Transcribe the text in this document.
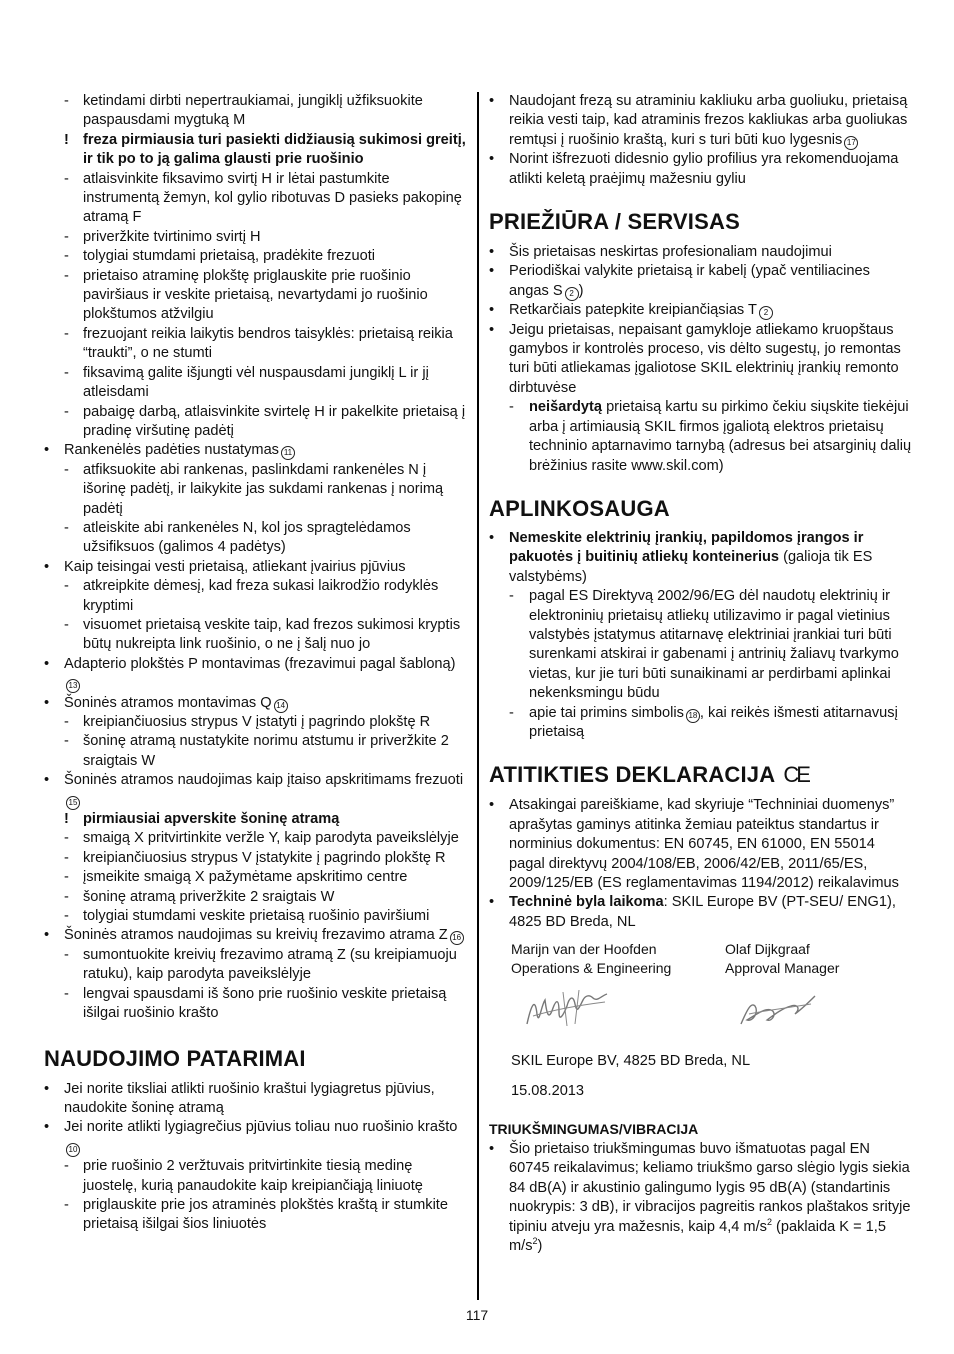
- ketindami dirbti nepertraukiamai, jungiklį užfiksuokite paspausdami mygtuką M
! freza pirmiausia turi pasiekti didžiausią sukimosi greitį, ir tik po to ją galima glausti prie ruošinio
- atlaisvinkite fiksavimo svirtį H ir lėtai pastumkite instrumentą žemyn, kol gylio ribotuvas D pasieks pakopinę atramą F
- priveržkite tvirtinimo svirtį H
- tolygiai stumdami prietaisą, pradėkite frezuoti
- prietaiso atraminę plokštę priglauskite prie ruošinio paviršiaus ir veskite prietaisą, nevartydami jo ruošinio plokštumos atžvilgiu
- frezuojant reikia laikytis bendros taisyklės: prietaisą reikia “traukti”, o ne stumti
- fiksavimą galite išjungti vėl nuspausdami jungiklį L ir jį atleisdami
- pabaigę darbą, atlaisvinkite svirtelę H ir pakelkite prietaisą į pradinę viršutinę padėtį
• Rankenėlės padėties nustatymas 11
- atfiksuokite abi rankenas, paslinkdami rankenėles N į išorinę padėtį, ir laikykite jas sukdami rankenas į norimą padėtį
- atleiskite abi rankenėles N, kol jos spragtelėdamos užsifiksuos (galimos 4 padėtys)
• Kaip teisingai vesti prietaisą, atliekant įvairius pjūvius
- atkreipkite dėmesį, kad freza sukasi laikrodžio rodyklės kryptimi
- visuomet prietaisą veskite taip, kad frezos sukimosi kryptis būtų nukreipta link ruošinio, o ne į šalį nuo jo
• Adapterio plokštės P montavimas (frezavimui pagal šabloną)13
• Šoninės atramos montavimas Q 14
- kreipiančiuosius strypus V įstatyti į pagrindo plokštę R
- šoninę atramą nustatykite norimu atstumu ir priveržkite 2 sraigtais W
• Šoninės atramos naudojimas kaip įtaiso apskritimams frezuoti15
! pirmiausiai apverskite šoninę atramą
- smaigą X pritvirtinkite veržle Y, kaip parodyta paveikslėlyje
- kreipiančiuosius strypus V įstatykite į pagrindo plokštę R
- įsmeikite smaigą X pažymėtame apskritimo centre
- šoninę atramą priveržkite 2 sraigtais W
- tolygiai stumdami veskite prietaisą ruošinio paviršiumi
• Šoninės atramos naudojimas su kreivių frezavimo atrama Z 16
- sumontuokite kreivių frezavimo atramą Z (su kreipiamuoju ratuku), kaip parodyta paveikslėlyje
- lengvai spausdami iš šono prie ruošinio veskite prietaisą išilgai ruošinio krašto
NAUDOJIMO PATARIMAI
• Jei norite tiksliai atlikti ruošinio kraštui lygiagretus pjūvius, naudokite šoninę atramą
• Jei norite atlikti lygiagrečius pjūvius toliau nuo ruošinio krašto10
- prie ruošinio 2 veržtuvais pritvirtinkite tiesią medinę juostelę, kurią panaudokite kaip kreipiančiąją liniuotę
- priglauskite prie jos atraminės plokštės kraštą ir stumkite prietaisą išilgai šios liniuotės
• Naudojant frezą su atraminiu kakliuku arba guoliuku, prietaisą reikia vesti taip, kad atraminis frezos kakliukas arba guoliukas remtųsi į ruošinio kraštą, kuri s turi būti kuo lygesnis 17
• Norint išfrezuoti didesnio gylio profilius yra rekomenduojama atlikti keletą praėjimų mažesniu gyliu
PRIEŽIŪRA / SERVISAS
• Šis prietaisas neskirtas profesionaliam naudojimui
• Periodiškai valykite prietaisą ir kabelį (ypač ventiliacines angas S 2 )
• Retkarčiais patepkite kreipiančiąsias T 2
• Jeigu prietaisas, nepaisant gamykloje atliekamo kruopštaus gamybos ir kontrolės proceso, vis dėlto sugestų, jo remontas turi būti atliekamas įgaliotose SKIL elektrinių įrankių remonto dirbtuvėse
- neišardytą prietaisą kartu su pirkimo čekiu siųskite tiekėjui arba į artimiausią SKIL firmos įgaliotą elektros prietaisų techninio aptarnavimo tarnybą (adresus bei atsarginių dalių brėžinius rasite www.skil.com)
APLINKOSAUGA
• Nemeskite elektrinių įrankių, papildomos įrangos ir pakuotės į buitinių atliekų konteinerius (galioja tik ES valstybėms)
- pagal ES Direktyvą 2002/96/EG dėl naudotų elektrinių ir elektroninių prietaisų atliekų utilizavimo ir pagal vietinius valstybės įstatymus atitarnavę elektriniai įrankiai turi būti surenkami atskirai ir gabenami į antrinių žaliavų tvarkymo vietas, kur jie turi būti sunaikinami ar perdirbami aplinkai nekenksmingu būdu
- apie tai primins simbolis 18 , kai reikės išmesti atitarnavusį prietaisą
ATITIKTIES DEKLARACIJA CE
• Atsakingai pareiškiame, kad skyriuje “Techniniai duomenys” aprašytas gaminys atitinka žemiau pateiktus standartus ir norminius dokumentus: EN 60745, EN 61000, EN 55014 pagal direktyvų 2004/108/EB, 2006/42/EB, 2011/65/ES, 2009/125/EB (ES reglamentavimas 1194/2012) reikalavimus
• Techninė byla laikoma: SKIL Europe BV (PT-SEU/ ENG1), 4825 BD Breda, NL
Marijn van der Hoofden
Operations & Engineering
Olaf Dijkgraaf
Approval Manager
SKIL Europe BV, 4825 BD Breda, NL
15.08.2013
TRIUKŠMINGUMAS/VIBRACIJA
• Šio prietaiso triukšmingumas buvo išmatuotas pagal EN 60745 reikalavimus; keliamo triukšmo garso slėgio lygis siekia 84 dB(A) ir akustinio galingumo lygis 95 dB(A) (standartinis nuokrypis: 3 dB), ir vibracijos pagreitis rankos plaštakos srityje tipiniu atveju yra mažesnis, kaip 4,4 $m/s^2$ (paklaida K = 1,5 $m/s^2$)
117
